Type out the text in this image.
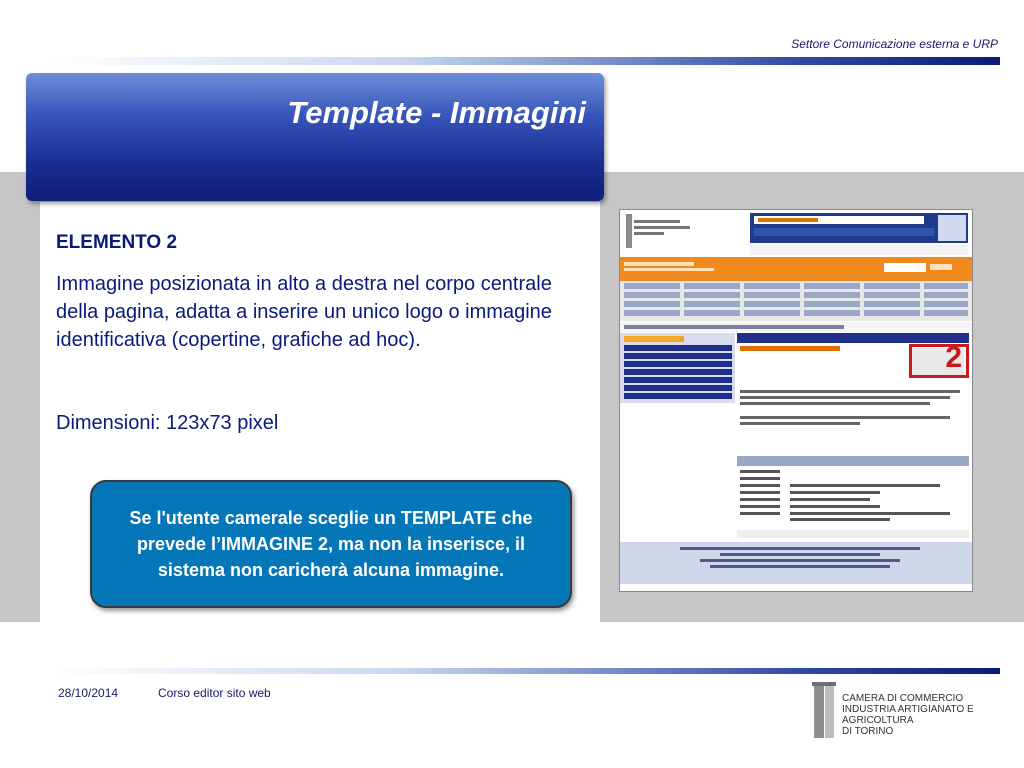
Settore Comunicazione esterna e URP
Template - Immagini
ELEMENTO 2
Immagine posizionata in alto a destra nel corpo centrale della pagina, adatta a inserire un unico logo o immagine identificativa (copertine, grafiche ad hoc).
Dimensioni: 123x73 pixel
Se l'utente camerale sceglie un TEMPLATE che prevede l’IMMAGINE 2, ma non la inserisce, il sistema non caricherà alcuna immagine.
2
28/10/2014	Corso editor sito web	CAMERA DI COMMERCIO
INDUSTRIA ARTIGIANATO E AGRICOLTURA
DI TORINO
